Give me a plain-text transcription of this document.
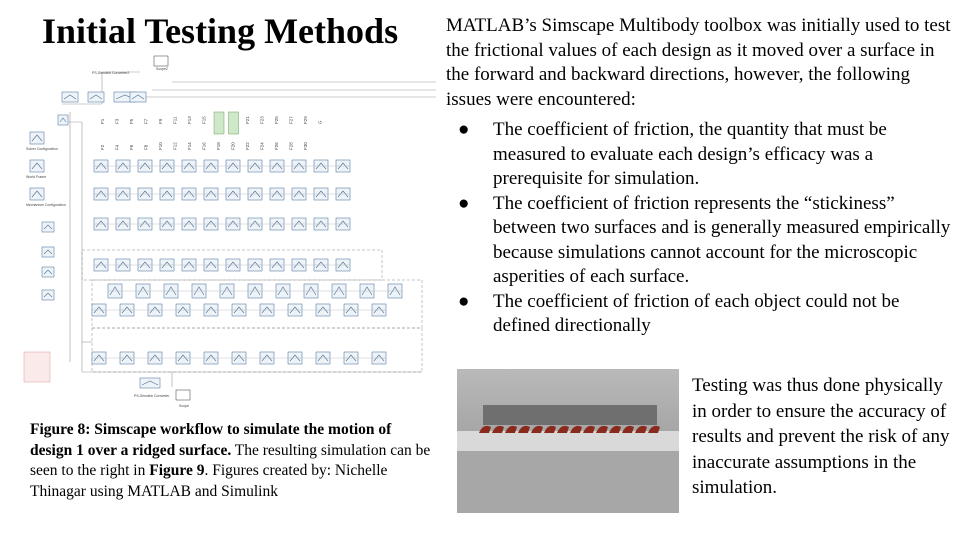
Initial Testing Methods	MATLAB’s Simscape Multibody toolbox was initially used to test the frictional values of each design as it moved over a surface in the forward and backward directions, however, the following issues were encountered:
● The coefficient of friction, the quantity that must be measured to evaluate each design’s efficacy was a prerequisite for simulation.
● The coefficient of friction represents the “stickiness” between two surfaces and is generally measured empirically because simulations cannot account for the microscopic asperities of each surface.
● The coefficient of friction of each object could not be defined directionally
PS-Simulink Converter2
Scope2
Solver Configuration
World Frame
Mechanism Configuration
F1 F3 F5 F7 F9 F11 F13 F15	F21 F23 F25 F27 F29 G
F2 F4 F6 F8 F10 F12 F14 F16 F18 F20 F22 F24 F26 F28 F30
PS-Simulink Converter
Scope
Figure 8: Simscape workflow to simulate the motion of design 1 over a ridged surface. The resulting simulation can be seen to the right in Figure 9. Figures created by: Nichelle Thinagar using MATLAB and Simulink
Testing was thus done physically in order to ensure the accuracy of results and prevent the risk of any inaccurate assumptions in the simulation.
